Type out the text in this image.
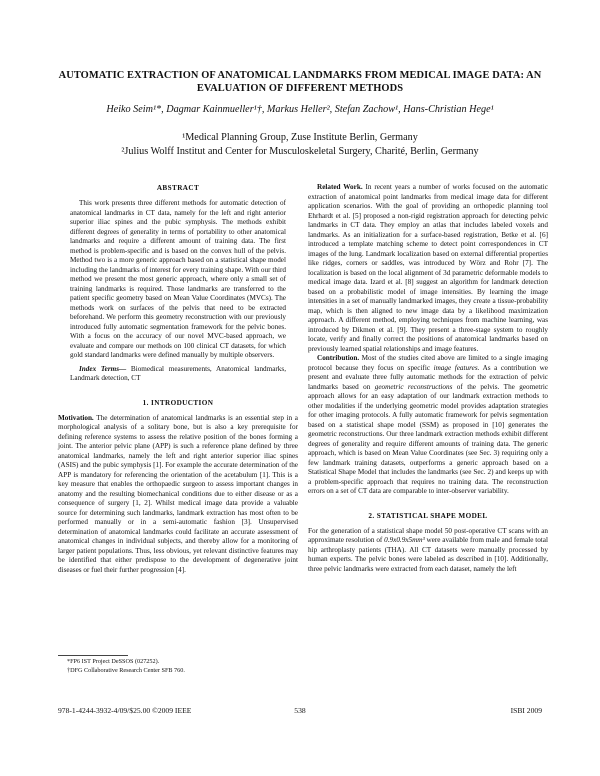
AUTOMATIC EXTRACTION OF ANATOMICAL LANDMARKS FROM MEDICAL IMAGE DATA: AN EVALUATION OF DIFFERENT METHODS
Heiko Seim¹*, Dagmar Kainmueller¹†, Markus Heller², Stefan Zachow¹, Hans-Christian Hege¹
¹Medical Planning Group, Zuse Institute Berlin, Germany
²Julius Wolff Institut and Center for Musculoskeletal Surgery, Charité, Berlin, Germany
ABSTRACT

This work presents three different methods for automatic detection of anatomical landmarks in CT data, namely for the left and right anterior superior iliac spines and the pubic symphysis. The methods exhibit different degrees of generality in terms of portability to other anatomical landmarks and require a different amount of training data. The first method is problem-specific and is based on the convex hull of the pelvis. Method two is a more generic approach based on a statistical shape model including the landmarks of interest for every training shape. With our third method we present the most generic approach, where only a small set of training landmarks is required. Those landmarks are transferred to the patient specific geometry based on Mean Value Coordinates (MVCs). The methods work on surfaces of the pelvis that need to be extracted beforehand. We perform this geometry reconstruction with our previously introduced fully automatic segmentation framework for the pelvic bones. With a focus on the accuracy of our novel MVC-based approach, we evaluate and compare our methods on 100 clinical CT datasets, for which gold standard landmarks were defined manually by multiple observers.

Index Terms— Biomedical measurements, Anatomical landmarks, Landmark detection, CT

1. INTRODUCTION

Motivation. The determination of anatomical landmarks is an essential step in a morphological analysis of a solitary bone, but is also a key prerequisite for defining reference systems to assess the relative position of the bones forming a joint. The anterior pelvic plane (APP) is such a reference plane defined by three anatomical landmarks, namely the left and right anterior superior iliac spines (ASIS) and the pubic symphysis [1]. For example the accurate determination of the APP is mandatory for referencing the orientation of the acetabulum [1]. This is a key measure that enables the orthopaedic surgeon to assess important changes in anatomy and the resulting biomechanical conditions due to either disease or as a consequence of surgery [1, 2]. Whilst medical image data provide a valuable source for determining such landmarks, landmark extraction has most often to be performed manually or in a semi-automatic fashion [3]. Unsupervised determination of anatomical landmarks could facilitate an accurate assessment of anatomical changes in individual subjects, and thereby allow for a monitoring of larger patient populations. Thus, less obvious, yet relevant distinctive features may be identified that either predispose to the development of degenerative joint diseases or fuel their further progression [4].

Related Work. In recent years a number of works focused on the automatic extraction of anatomical point landmarks from medical image data for different application scenarios. With the goal of providing an orthopedic planning tool Ehrhardt et al. [5] proposed a non-rigid registration approach for detecting pelvic landmarks in CT data. They employ an atlas that includes labeled voxels and landmarks. As an initialization for a surface-based registration, Betke et al. [6] introduced a template matching scheme to detect point correspondences in CT images of the lung. Landmark localization based on external differential properties like ridges, corners or saddles, was introduced by Wörz and Rohr [7]. The localization is based on the local alignment of 3d parametric deformable models to medical image data. Izard et al. [8] suggest an algorithm for landmark detection based on a probabilistic model of image intensities. By learning the image intensities in a set of manually landmarked images, they create a tissue-probability map, which is then aligned to new image data by a likelihood maximization approach. A different method, employing techniques from machine learning, was introduced by Dikmen et al. [9]. They present a three-stage system to roughly locate, verify and finally correct the positions of anatomical landmarks based on previously learned spatial relationships and image features.

Contribution. Most of the studies cited above are limited to a single imaging protocol because they focus on specific image features. As a contribution we present and evaluate three fully automatic methods for the extraction of pelvic landmarks based on geometric reconstructions of the pelvis. The geometric approach allows for an easy adaptation of our landmark extraction methods to other modalities if the underlying geometric model provides adaptation strategies for other imaging protocols. A fully automatic framework for pelvis segmentation based on a statistical shape model (SSM) as proposed in [10] generates the geometric reconstructions. Our three landmark extraction methods exhibit different degrees of generality and require different amounts of training data. The generic approach, which is based on Mean Value Coordinates (see Sec. 3) requiring only a few landmark training datasets, outperforms a generic approach based on a Statistical Shape Model that includes the landmarks (see Sec. 2) and keeps up with a problem-specific approach that requires no training data. The reconstruction errors on a set of CT data are comparable to inter-observer variability.

2. STATISTICAL SHAPE MODEL

For the generation of a statistical shape model 50 post-operative CT scans with an approximate resolution of 0.9x0.9x5mm³ were available from male and female total hip arthroplasty patients (THA). All CT datasets were manually processed by human experts. The pelvic bones were labeled as described in [10]. Additionally, three pelvic landmarks were extracted from each dataset, namely the left

*FP6 IST Project DeSSOS (027252).

†DFG Collaborative Research Center SFB 760.

978-1-4244-3932-4/09/$25.00 ©2009 IEEE	538	ISBI 2009
